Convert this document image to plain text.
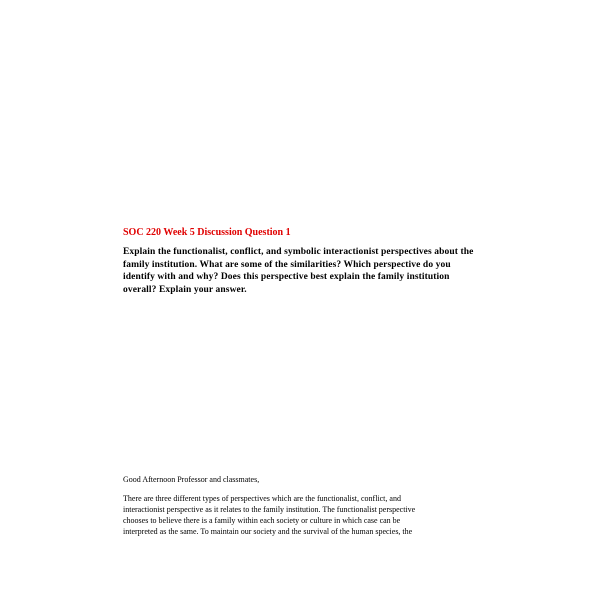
SOC 220 Week 5 Discussion Question 1
Explain the functionalist, conflict, and symbolic interactionist perspectives about the
family institution. What are some of the similarities? Which perspective do you
identify with and why? Does this perspective best explain the family institution
overall? Explain your answer.
Good Afternoon Professor and classmates,
There are three different types of perspectives which are the functionalist, conflict, and
interactionist perspective as it relates to the family institution. The functionalist perspective
chooses to believe there is a family within each society or culture in which case can be
interpreted as the same. To maintain our society and the survival of the human species, the
